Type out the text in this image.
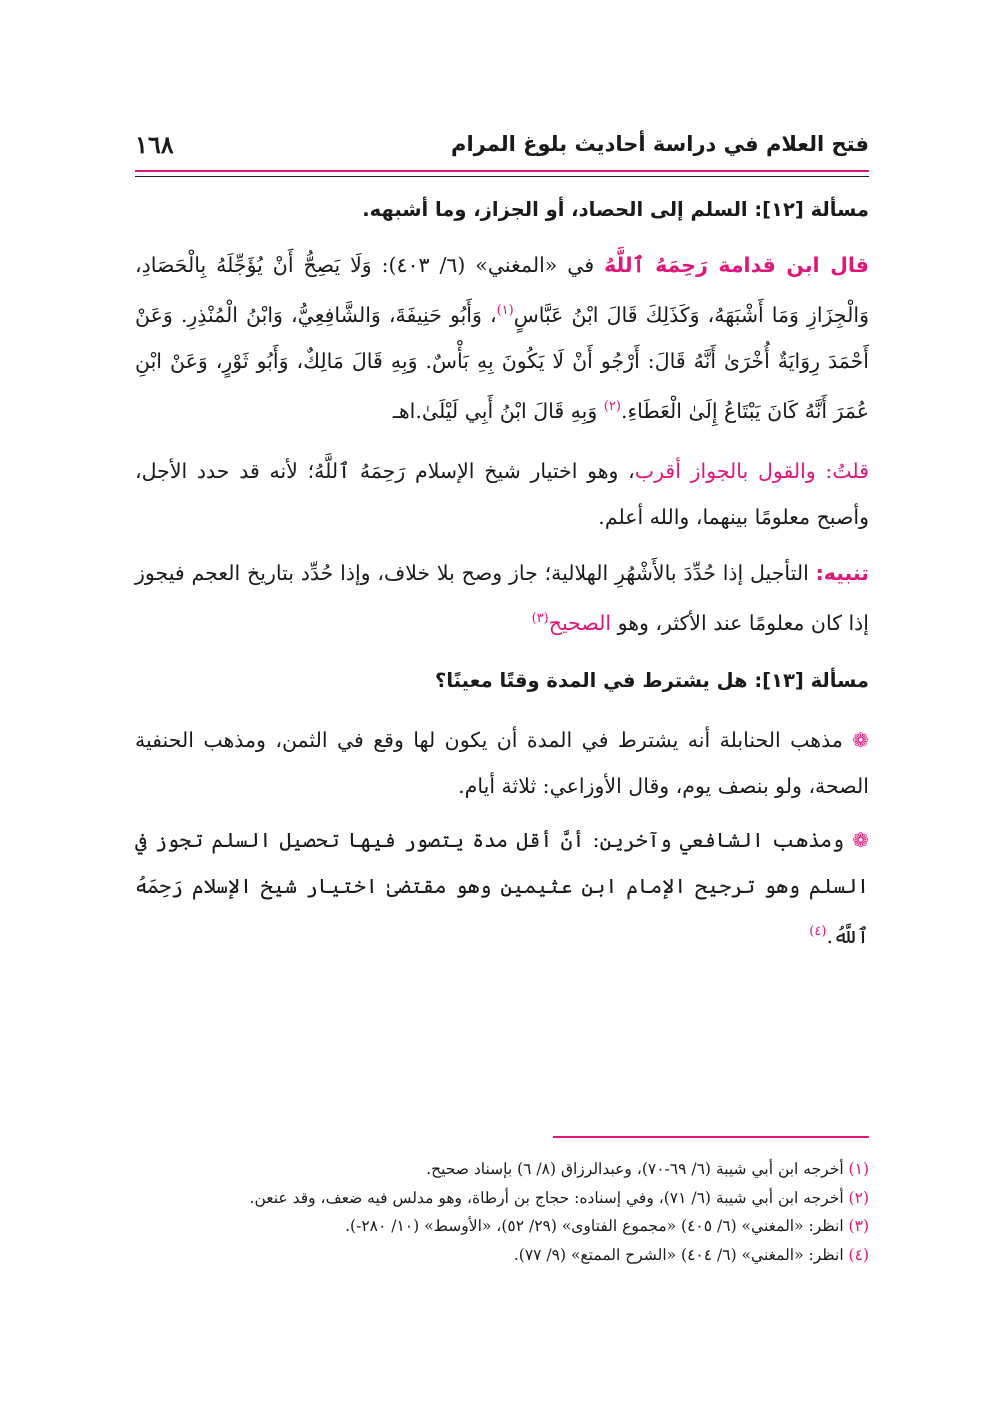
فتح العلام في دراسة أحاديث بلوغ المرام
١٦٨
مسألة [١٢]: السلم إلى الحصاد، أو الجزاز، وما أشبهه.

قال ابن قدامة رَحِمَهُ ٱللَّهُ في «المغني» (٦/ ٤٠٣): وَلَا يَصِحُّ أَنْ يُؤَجِّلَهُ بِالْحَصَادِ، وَالْجِزَازِ وَمَا أَشْبَهَهُ، وَكَذَلِكَ قَالَ ابْنُ عَبَّاسٍ$^{(١)}$، وَأَبُو حَنِيفَةَ، وَالشَّافِعِيُّ، وَابْنُ الْمُنْذِرِ. وَعَنْ أَحْمَدَ رِوَايَةٌ أُخْرَىٰ أَنَّهُ قَالَ: أَرْجُو أَنْ لَا يَكُونَ بِهِ بَأْسٌ. وَبِهِ قَالَ مَالِكٌ، وَأَبُو ثَوْرٍ، وَعَنْ ابْنِ عُمَرَ أَنَّهُ كَانَ يَبْتَاعُ إِلَىٰ الْعَطَاءِ.$^{(٢)}$ وَبِهِ قَالَ ابْنُ أَبِي لَيْلَىٰ.اهـ

قلتُ: والقول بالجواز أقرب، وهو اختيار شيخ الإسلام رَحِمَهُ ٱللَّهُ؛ لأنه قد حدد الأجل، وأصبح معلومًا بينهما، والله أعلم.

تنبيه: التأجيل إذا حُدِّدَ بالأَشْهُرِ الهلالية؛ جاز وصح بلا خلاف، وإذا حُدِّد بتاريخ العجم فيجوز إذا كان معلومًا عند الأكثر، وهو الصحيح$^{(٣)}$

مسألة [١٣]: هل يشترط في المدة وقتًا معينًا؟

❁ مذهب الحنابلة أنه يشترط في المدة أن يكون لها وقع في الثمن، ومذهب الحنفية الصحة، ولو بنصف يوم، وقال الأوزاعي: ثلاثة أيام.

❁ ومذهب الشافعي وآخرين: أنَّ أقل مدة يتصور فيها تحصيل السلم تجوز في السلم وهو ترجيح الإمام ابن عثيمين وهو مقتضىٰ اختيار شيخ الإسلام رَحِمَهُ ٱللَّهُ.$^{(٤)}$

(١) أخرجه ابن أبي شيبة (٦/ ٦٩-٧٠)، وعبدالرزاق (٨/ ٦) بإسناد صحيح.

(٢) أخرجه ابن أبي شيبة (٦/ ٧١)، وفي إسناده: حجاج بن أرطاة، وهو مدلس فيه ضعف، وقد عنعن.

(٣) انظر: «المغني» (٦/ ٤٠٥) «مجموع الفتاوى» (٢٩/ ٥٢)، «الأوسط» (١٠/ ٢٨٠-).

(٤) انظر: «المغني» (٦/ ٤٠٤) «الشرح الممتع» (٩/ ٧٧).
